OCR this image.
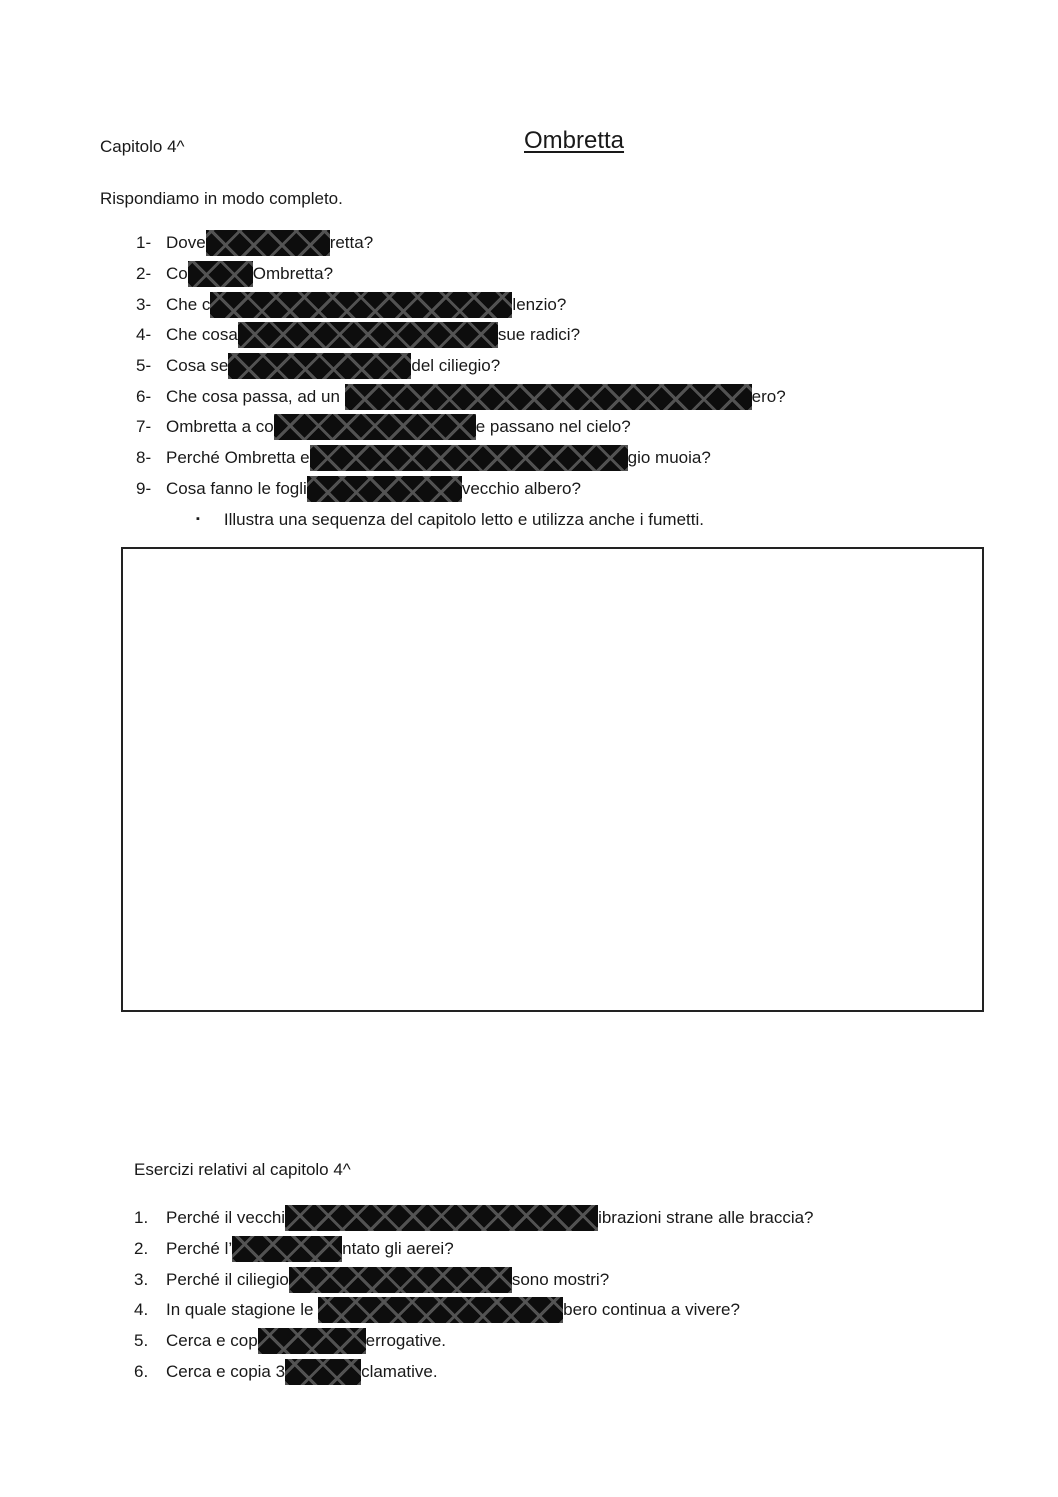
Capitolo 4^	Ombretta
Rispondiamo in modo completo.
1- Dove	retta?
2- Co	Ombretta?
3- Che c	lenzio?
4- Che cosa	sue radici?
5- Cosa se	del ciliegio?
6- Che cosa passa, ad un	ero?
7- Ombretta a co	e passano nel cielo?
8- Perché Ombretta e	gio muoia?
9- Cosa fanno le fogli	vecchio albero?
▪ Illustra una sequenza del capitolo letto e utilizza anche i fumetti.
Esercizi relativi al capitolo 4^
1.	Perché il vecchi	ibrazioni strane alle braccia?
2.	Perché l’	ntato gli aerei?
3.	Perché il ciliegio	sono mostri?
4.	In quale stagione le	bero continua a vivere?
5.	Cerca e cop	errogative.
6.	Cerca e copia 3	clamative.
